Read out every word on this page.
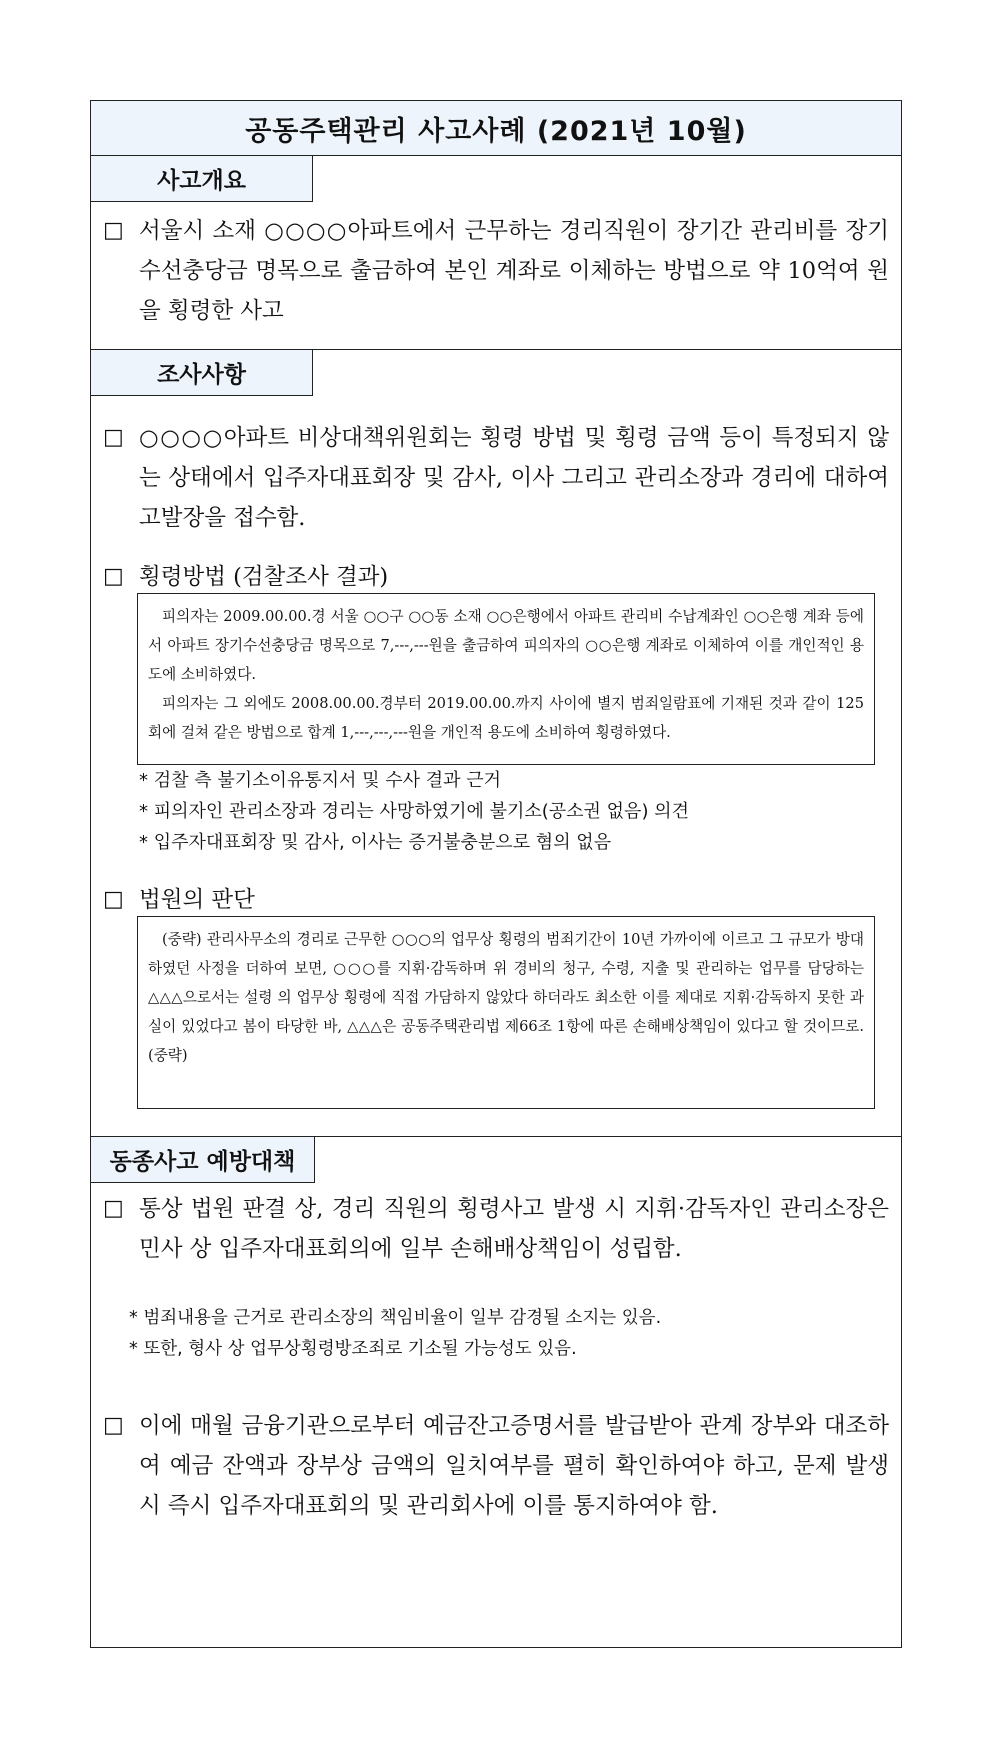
공동주택관리 사고사례 (2021년 10월)
사고개요
□ 서울시 소재 ○○○○아파트에서 근무하는 경리직원이 장기간 관리비를 장기수선충당금 명목으로 출금하여 본인 계좌로 이체하는 방법으로 약 10억여 원을 횡령한 사고
조사사항
□ ○○○○아파트 비상대책위원회는 횡령 방법 및 횡령 금액 등이 특정되지 않는 상태에서 입주자대표회장 및 감사, 이사 그리고 관리소장과 경리에 대하여 고발장을 접수함.
□ 횡령방법 (검찰조사 결과)

피의자는 2009.00.00.경 서울 ○○구 ○○동 소재 ○○은행에서 아파트 관리비 수납계좌인 ○○은행 계좌 등에서 아파트 장기수선충당금 명목으로 7,---,---원을 출금하여 피의자의 ○○은행 계좌로 이체하여 이를 개인적인 용도에 소비하였다.

피의자는 그 외에도 2008.00.00.경부터 2019.00.00.까지 사이에 별지 범죄일람표에 기재된 것과 같이 125회에 걸쳐 같은 방법으로 합계 1,---,---,---원을 개인적 용도에 소비하여 횡령하였다.

* 검찰 측 불기소이유통지서 및 수사 결과 근거
* 피의자인 관리소장과 경리는 사망하였기에 불기소(공소권 없음) 의견
* 입주자대표회장 및 감사, 이사는 증거불충분으로 혐의 없음
□ 법원의 판단

(중략) 관리사무소의 경리로 근무한 ○○○의 업무상 횡령의 범죄기간이 10년 가까이에 이르고 그 규모가 방대하였던 사정을 더하여 보면, ○○○를 지휘·감독하며 위 경비의 청구, 수령, 지출 및 관리하는 업무를 담당하는 △△△으로서는 설령 의 업무상 횡령에 직접 가담하지 않았다 하더라도 최소한 이를 제대로 지휘·감독하지 못한 과실이 있었다고 봄이 타당한 바, △△△은 공동주택관리법 제66조 1항에 따른 손해배상책임이 있다고 할 것이므로. (중략)

동종사고 예방대책
□ 통상 법원 판결 상, 경리 직원의 횡령사고 발생 시 지휘·감독자인 관리소장은 민사 상 입주자대표회의에 일부 손해배상책임이 성립함.
* 범죄내용을 근거로 관리소장의 책임비율이 일부 감경될 소지는 있음.
* 또한, 형사 상 업무상횡령방조죄로 기소될 가능성도 있음.
□ 이에 매월 금융기관으로부터 예금잔고증명서를 발급받아 관계 장부와 대조하여 예금 잔액과 장부상 금액의 일치여부를 펼히 확인하여야 하고, 문제 발생 시 즉시 입주자대표회의 및 관리회사에 이를 통지하여야 함.
